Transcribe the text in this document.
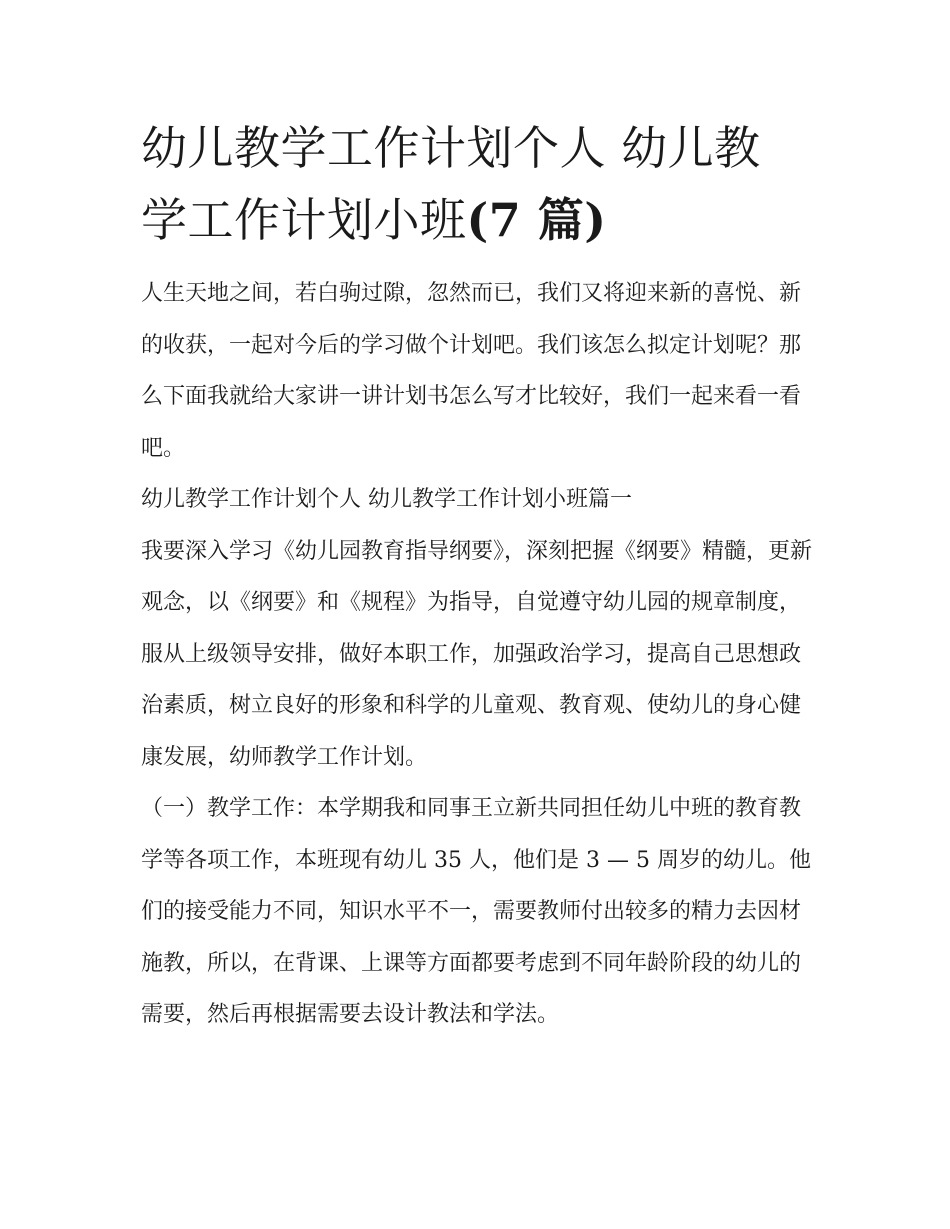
幼儿教学工作计划个人 幼儿教
学工作计划小班(7 篇)

人生天地之间，若白驹过隙，忽然而已，我们又将迎来新的喜悦、新的收获，一起对今后的学习做个计划吧。我们该怎么拟定计划呢？那么下面我就给大家讲一讲计划书怎么写才比较好，我们一起来看一看吧。

幼儿教学工作计划个人 幼儿教学工作计划小班篇一

我要深入学习《幼儿园教育指导纲要》，深刻把握《纲要》精髓，更新观念，以《纲要》和《规程》为指导，自觉遵守幼儿园的规章制度，服从上级领导安排，做好本职工作，加强政治学习，提高自己思想政治素质，树立良好的形象和科学的儿童观、教育观、使幼儿的身心健康发展，幼师教学工作计划。

（一）教学工作：本学期我和同事王立新共同担任幼儿中班的教育教学等各项工作，本班现有幼儿 35 人，他们是 3 — 5 周岁的幼儿。他们的接受能力不同，知识水平不一，需要教师付出较多的精力去因材施教，所以，在背课、上课等方面都要考虑到不同年龄阶段的幼儿的需要，然后再根据需要去设计教法和学法。
